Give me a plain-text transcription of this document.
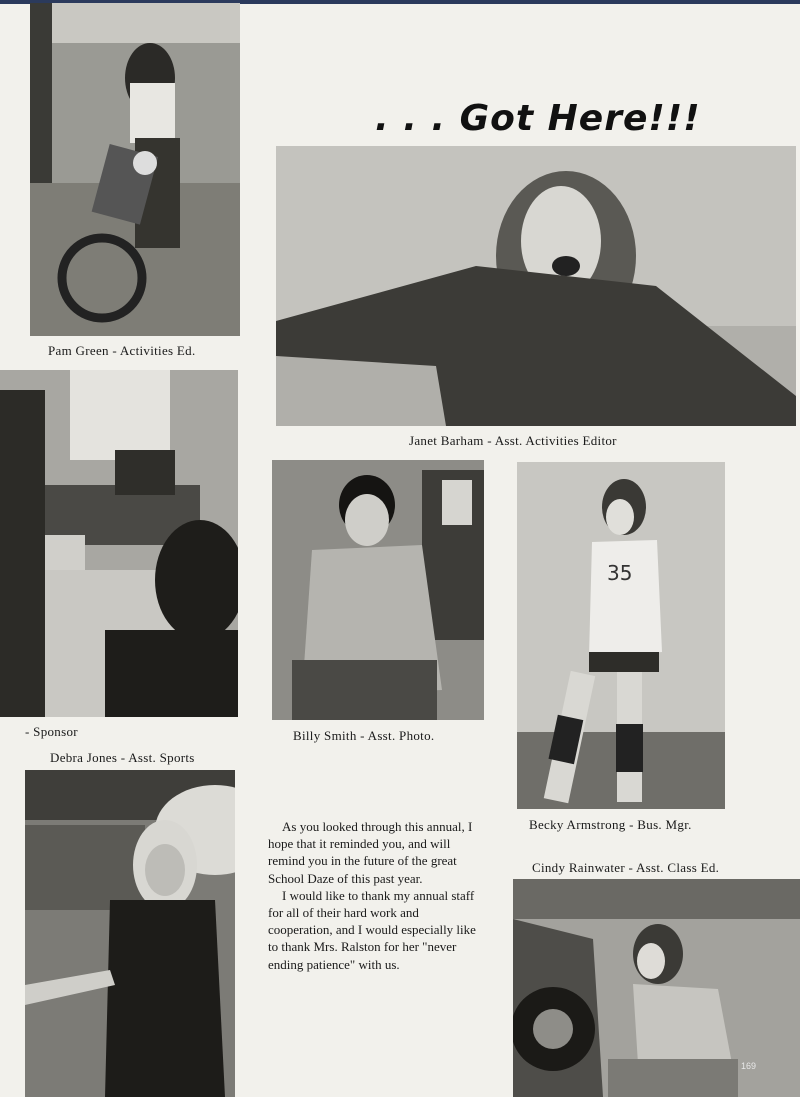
Pam Green - Activities Ed.
. . . Got Here!!!
Janet Barham - Asst. Activities Editor
- Sponsor	Billy Smith - Asst. Photo.
35
Becky Armstrong - Bus. Mgr.
Debra Jones - Asst. Sports

As you looked through this annual, I hope that it reminded you, and will remind you in the future of the great School Daze of this past year.

I would like to thank my annual staff for all of their hard work and cooperation, and I would especially like to thank Mrs. Ralston for her "never ending patience" with us.

Cindy Rainwater - Asst. Class Ed.
169
